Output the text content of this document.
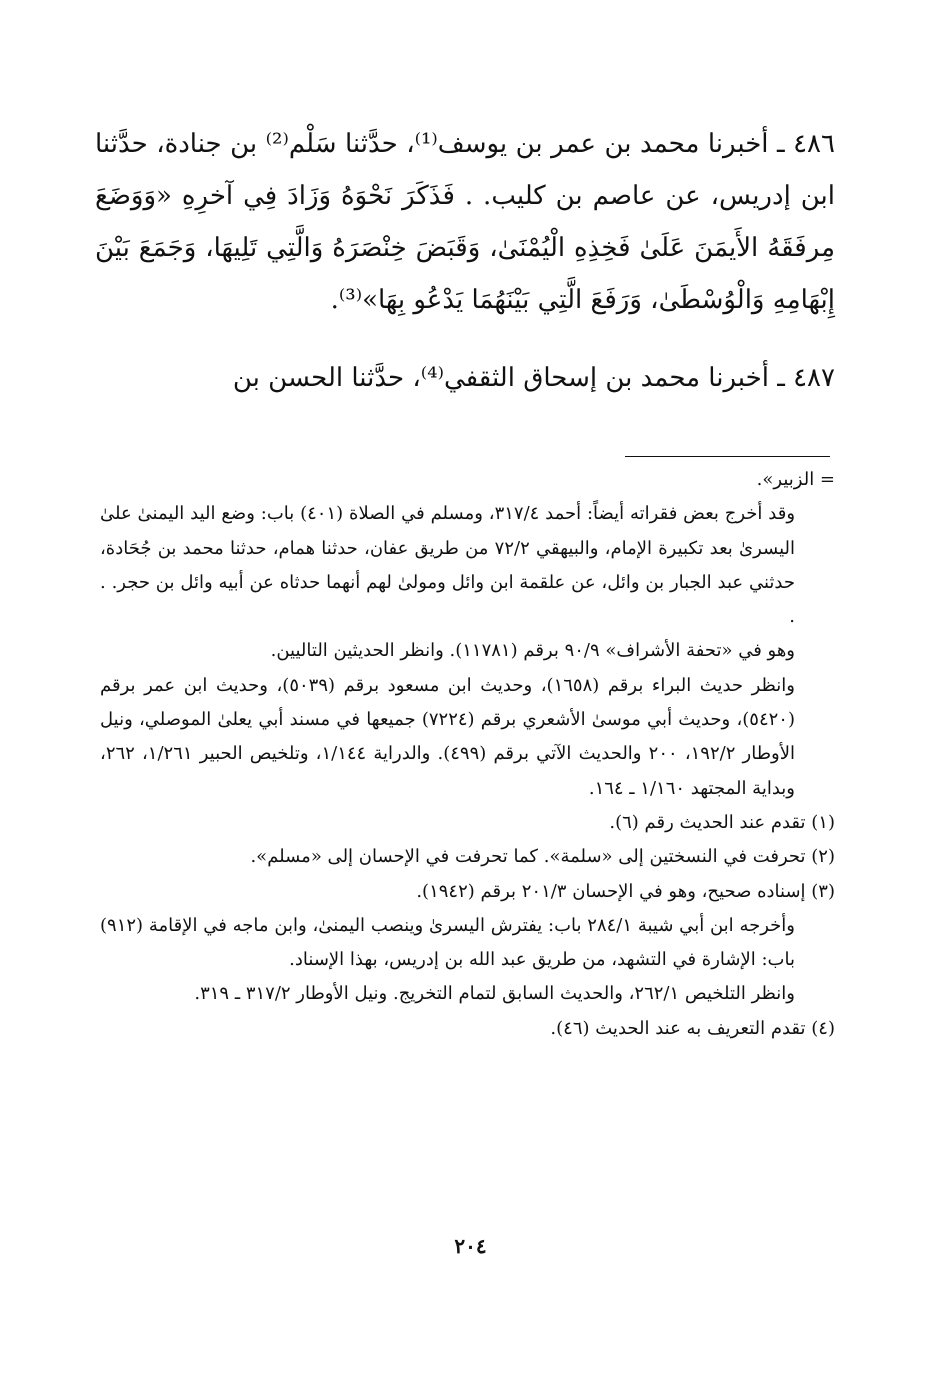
٤٨٦ ـ أخبرنا محمد بن عمر بن يوسف⁽¹⁾، حدَّثنا سَلْم⁽²⁾ بن جنادة، حدَّثنا ابن إدريس، عن عاصم بن كليب. . فَذَكَرَ نَحْوَهُ وَزَادَ فِي آخرِهِ «وَوَضَعَ مِرفَقَهُ الأَيمَنَ عَلَىٰ فَخِذِهِ الْيُمْنَىٰ، وَقَبَضَ خِنْصَرَهُ وَالَّتِي تَلِيهَا، وَجَمَعَ بَيْنَ إِبْهَامِهِ وَالْوُسْطَىٰ، وَرَفَعَ الَّتِي بَيْنَهُمَا يَدْعُو بِهَا»⁽³⁾.

٤٨٧ ـ أخبرنا محمد بن إسحاق الثقفي⁽⁴⁾، حدَّثنا الحسن بن

= الزبير».

وقد أخرج بعض فقراته أيضاً: أحمد ٣١٧/٤، ومسلم في الصلاة (٤٠١) باب: وضع اليد اليمنىٰ علىٰ اليسرىٰ بعد تكبيرة الإمام، والبيهقي ٧٢/٢ من طريق عفان، حدثنا همام، حدثنا محمد بن جُحَادة، حدثني عبد الجبار بن وائل، عن علقمة ابن وائل ومولىٰ لهم أنهما حدثاه عن أبيه وائل بن حجر. . .

وهو في «تحفة الأشراف» ٩٠/٩ برقم (١١٧٨١). وانظر الحديثين التاليين.

وانظر حديث البراء برقم (١٦٥٨)، وحديث ابن مسعود برقم (٥٠٣٩)، وحديث ابن عمر برقم (٥٤٢٠)، وحديث أبي موسىٰ الأشعري برقم (٧٢٢٤) جميعها في مسند أبي يعلىٰ الموصلي، ونيل الأوطار ١٩٢/٢، ٢٠٠ والحديث الآتي برقم (٤٩٩). والدراية ١/١٤٤، وتلخيص الحبير ١/٢٦١، ٢٦٢، وبداية المجتهد ١/١٦٠ ـ ١٦٤.

(١) تقدم عند الحديث رقم (٦).

(٢) تحرفت في النسختين إلى «سلمة». كما تحرفت في الإحسان إلى «مسلم».

(٣) إسناده صحيح، وهو في الإحسان ٢٠١/٣ برقم (١٩٤٢).

وأخرجه ابن أبي شيبة ٢٨٤/١ باب: يفترش اليسرىٰ وينصب اليمنىٰ، وابن ماجه في الإقامة (٩١٢) باب: الإشارة في التشهد، من طريق عبد الله بن إدريس، بهذا الإسناد.

وانظر التلخيص ٢٦٢/١، والحديث السابق لتمام التخريج. ونيل الأوطار ٣١٧/٢ ـ ٣١٩.

(٤) تقدم التعريف به عند الحديث (٤٦).

٢٠٤
